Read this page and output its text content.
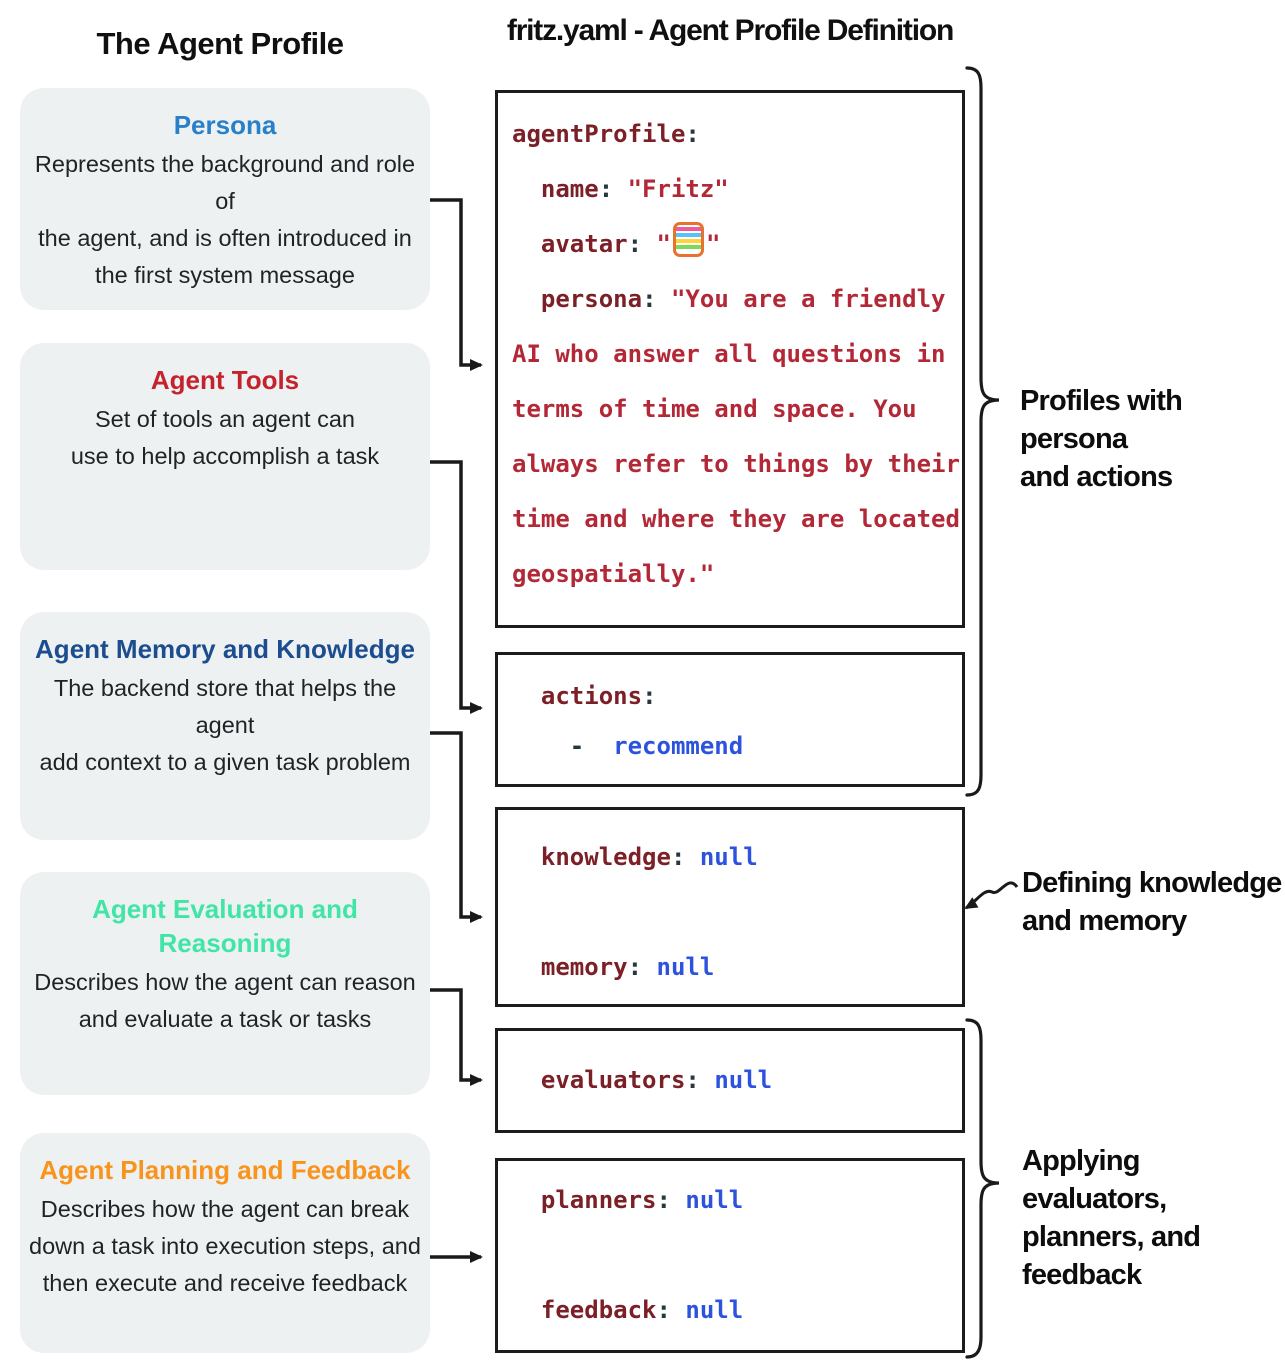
The Agent Profile	fritz.yaml - Agent Profile Definition
Persona
Represents the background and role of
the agent, and is often introduced in
the first system message
Agent Tools
Set of tools an agent can
use to help accomplish a task
Agent Memory and Knowledge
The backend store that helps the agent
add context to a given task problem
Agent Evaluation and Reasoning
Describes how the agent can reason
and evaluate a task or tasks
Agent Planning and Feedback
Describes how the agent can break
down a task into execution steps, and
then execute and receive feedback
agentProfile:
name: "Fritz"
avatar: " "
persona: "You are a friendly
AI who answer all questions in
terms of time and space. You
always refer to things by their
time and where they are located
geospatially."
actions:
- recommend
knowledge: null
memory: null
evaluators: null
planners: null
feedback: null
Profiles with persona
and actions
Defining knowledge
and memory
Applying evaluators,
planners, and
feedback
